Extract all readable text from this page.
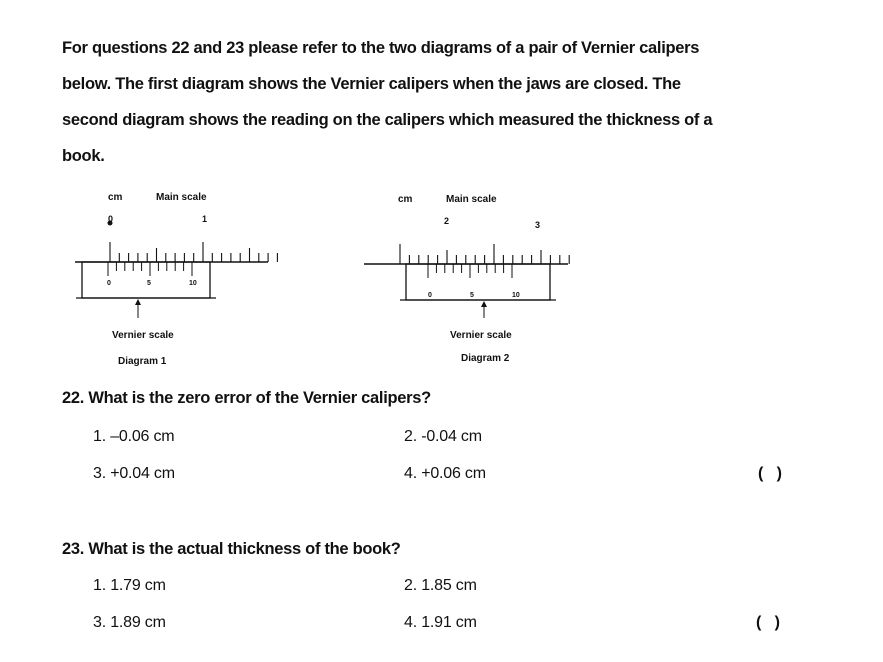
For questions 22 and 23 please refer to the two diagrams of a pair of Vernier calipers
below. The first diagram shows the Vernier calipers when the jaws are closed. The
second diagram shows the reading on the calipers which measured the thickness of a
book.
cm	Main scale
0	1
0	5	10
Vernier scale
Diagram 1
cm	Main scale
2	3
0	5	10
Vernier scale
Diagram 2
22. What is the zero error of the Vernier calipers?
1. –0.06 cm	2. -0.04 cm
3. +0.04 cm	4. +0.06 cm	(   )
23. What is the actual thickness of the book?
1. 1.79 cm	2. 1.85 cm
3. 1.89 cm	4. 1.91 cm	(   )
